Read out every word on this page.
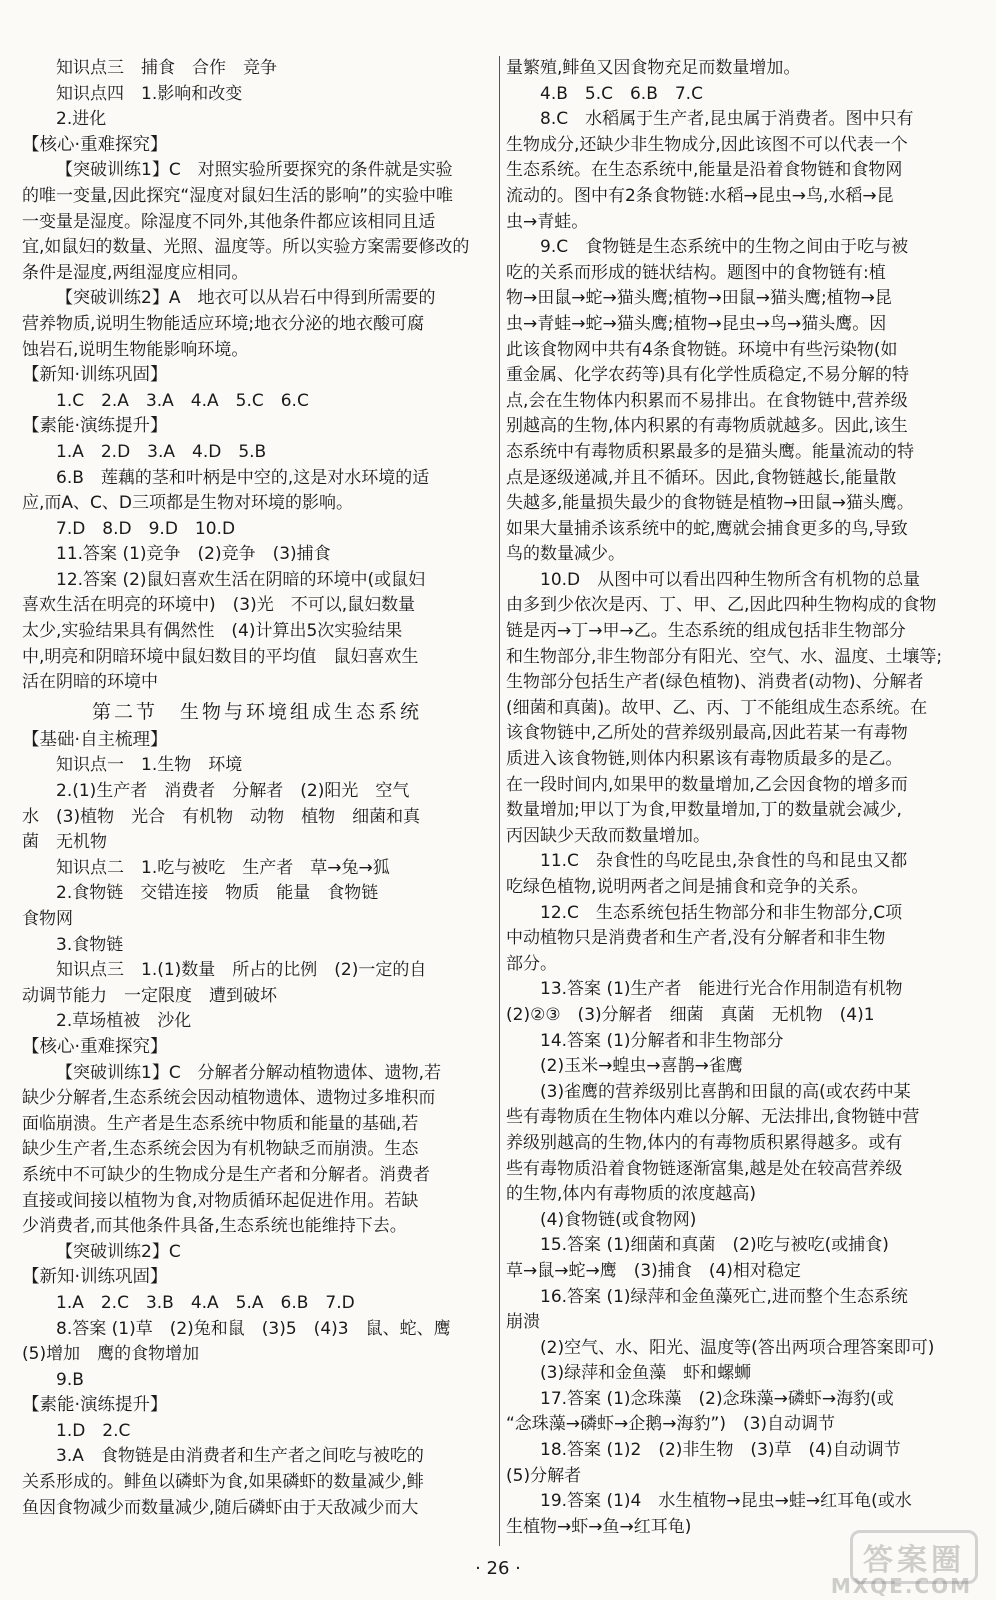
知识点三　捕食　合作　竞争
知识点四　1.影响和改变
2.进化
【核心·重难探究】
【突破训练1】C　对照实验所要探究的条件就是实验
的唯一变量,因此探究“湿度对鼠妇生活的影响”的实验中唯
一变量是湿度。除湿度不同外,其他条件都应该相同且适
宜,如鼠妇的数量、光照、温度等。所以实验方案需要修改的
条件是湿度,两组湿度应相同。
【突破训练2】A　地衣可以从岩石中得到所需要的
营养物质,说明生物能适应环境;地衣分泌的地衣酸可腐
蚀岩石,说明生物能影响环境。
【新知·训练巩固】
1.C　2.A　3.A　4.A　5.C　6.C
【素能·演练提升】
1.A　2.D　3.A　4.D　5.B
6.B　莲藕的茎和叶柄是中空的,这是对水环境的适
应,而A、C、D三项都是生物对环境的影响。
7.D　8.D　9.D　10.D
11.答案 (1)竞争　(2)竞争　(3)捕食
12.答案 (2)鼠妇喜欢生活在阴暗的环境中(或鼠妇
喜欢生活在明亮的环境中)　(3)光　不可以,鼠妇数量
太少,实验结果具有偶然性　(4)计算出5次实验结果
中,明亮和阴暗环境中鼠妇数目的平均值　鼠妇喜欢生
活在阴暗的环境中
第二节　生物与环境组成生态系统
【基础·自主梳理】
知识点一　1.生物　环境
2.(1)生产者　消费者　分解者　(2)阳光　空气
水　(3)植物　光合　有机物　动物　植物　细菌和真
菌　无机物
知识点二　1.吃与被吃　生产者　草→兔→狐
2.食物链　交错连接　物质　能量　食物链
食物网
3.食物链
知识点三　1.(1)数量　所占的比例　(2)一定的自
动调节能力　一定限度　遭到破坏
2.草场植被　沙化
【核心·重难探究】
【突破训练1】C　分解者分解动植物遗体、遗物,若
缺少分解者,生态系统会因动植物遗体、遗物过多堆积而
面临崩溃。生产者是生态系统中物质和能量的基础,若
缺少生产者,生态系统会因为有机物缺乏而崩溃。生态
系统中不可缺少的生物成分是生产者和分解者。消费者
直接或间接以植物为食,对物质循环起促进作用。若缺
少消费者,而其他条件具备,生态系统也能维持下去。
【突破训练2】C
【新知·训练巩固】
1.A　2.C　3.B　4.A　5.A　6.B　7.D
8.答案 (1)草　(2)兔和鼠　(3)5　(4)3　鼠、蛇、鹰
(5)增加　鹰的食物增加
9.B
【素能·演练提升】
1.D　2.C
3.A　食物链是由消费者和生产者之间吃与被吃的
关系形成的。鲱鱼以磷虾为食,如果磷虾的数量减少,鲱
鱼因食物减少而数量减少,随后磷虾由于天敌减少而大
量繁殖,鲱鱼又因食物充足而数量增加。
4.B　5.C　6.B　7.C
8.C　水稻属于生产者,昆虫属于消费者。图中只有
生物成分,还缺少非生物成分,因此该图不可以代表一个
生态系统。在生态系统中,能量是沿着食物链和食物网
流动的。图中有2条食物链:水稻→昆虫→鸟,水稻→昆
虫→青蛙。
9.C　食物链是生态系统中的生物之间由于吃与被
吃的关系而形成的链状结构。题图中的食物链有:植
物→田鼠→蛇→猫头鹰;植物→田鼠→猫头鹰;植物→昆
虫→青蛙→蛇→猫头鹰;植物→昆虫→鸟→猫头鹰。因
此该食物网中共有4条食物链。环境中有些污染物(如
重金属、化学农药等)具有化学性质稳定,不易分解的特
点,会在生物体内积累而不易排出。在食物链中,营养级
别越高的生物,体内积累的有毒物质就越多。因此,该生
态系统中有毒物质积累最多的是猫头鹰。能量流动的特
点是逐级递减,并且不循环。因此,食物链越长,能量散
失越多,能量损失最少的食物链是植物→田鼠→猫头鹰。
如果大量捕杀该系统中的蛇,鹰就会捕食更多的鸟,导致
鸟的数量减少。
10.D　从图中可以看出四种生物所含有机物的总量
由多到少依次是丙、丁、甲、乙,因此四种生物构成的食物
链是丙→丁→甲→乙。生态系统的组成包括非生物部分
和生物部分,非生物部分有阳光、空气、水、温度、土壤等;
生物部分包括生产者(绿色植物)、消费者(动物)、分解者
(细菌和真菌)。故甲、乙、丙、丁不能组成生态系统。在
该食物链中,乙所处的营养级别最高,因此若某一有毒物
质进入该食物链,则体内积累该有毒物质最多的是乙。
在一段时间内,如果甲的数量增加,乙会因食物的增多而
数量增加;甲以丁为食,甲数量增加,丁的数量就会减少,
丙因缺少天敌而数量增加。
11.C　杂食性的鸟吃昆虫,杂食性的鸟和昆虫又都
吃绿色植物,说明两者之间是捕食和竞争的关系。
12.C　生态系统包括生物部分和非生物部分,C项
中动植物只是消费者和生产者,没有分解者和非生物
部分。
13.答案 (1)生产者　能进行光合作用制造有机物
(2)②③　(3)分解者　细菌　真菌　无机物　(4)1
14.答案 (1)分解者和非生物部分
(2)玉米→蝗虫→喜鹊→雀鹰
(3)雀鹰的营养级别比喜鹊和田鼠的高(或农药中某
些有毒物质在生物体内难以分解、无法排出,食物链中营
养级别越高的生物,体内的有毒物质积累得越多。或有
些有毒物质沿着食物链逐渐富集,越是处在较高营养级
的生物,体内有毒物质的浓度越高)
(4)食物链(或食物网)
15.答案 (1)细菌和真菌　(2)吃与被吃(或捕食)
草→鼠→蛇→鹰　(3)捕食　(4)相对稳定
16.答案 (1)绿萍和金鱼藻死亡,进而整个生态系统
崩溃
(2)空气、水、阳光、温度等(答出两项合理答案即可)
(3)绿萍和金鱼藻　虾和螺蛳
17.答案 (1)念珠藻　(2)念珠藻→磷虾→海豹(或
“念珠藻→磷虾→企鹅→海豹”)　(3)自动调节
18.答案 (1)2　(2)非生物　(3)草　(4)自动调节
(5)分解者
19.答案 (1)4　水生植物→昆虫→蛙→红耳龟(或水
生植物→虾→鱼→红耳龟)
· 26 ·	答案圈
MXQE.COM
